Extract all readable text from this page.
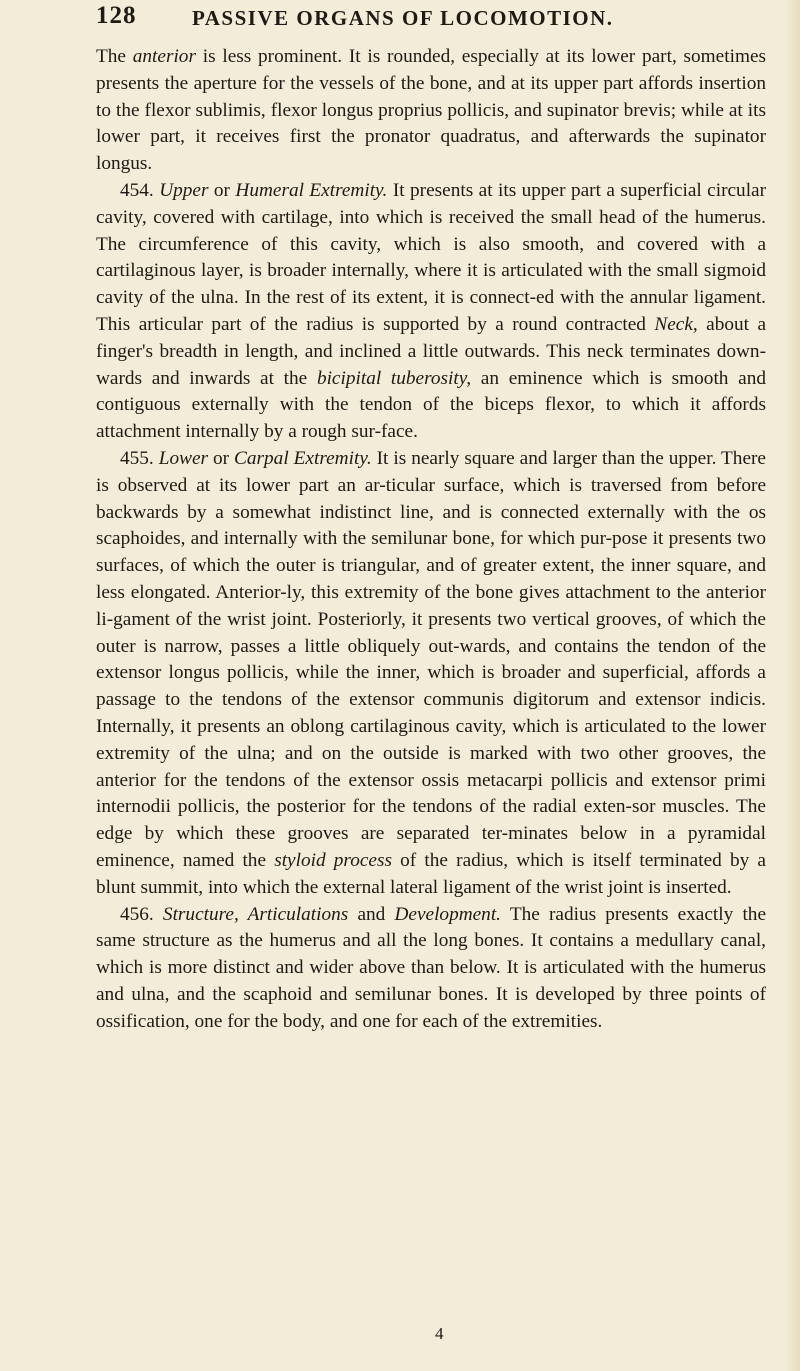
128	PASSIVE ORGANS OF LOCOMOTION.

The anterior is less prominent. It is rounded, especially at its lower part, sometimes presents the aperture for the vessels of the bone, and at its upper part affords insertion to the flexor sublimis, flexor longus proprius pollicis, and supinator brevis; while at its lower part, it receives first the pronator quadratus, and afterwards the supinator longus.

454. Upper or Humeral Extremity. It presents at its upper part a superficial circular cavity, covered with cartilage, into which is received the small head of the humerus. The circumference of this cavity, which is also smooth, and covered with a cartilaginous layer, is broader internally, where it is articulated with the small sigmoid cavity of the ulna. In the rest of its extent, it is connect-ed with the annular ligament. This articular part of the radius is supported by a round contracted Neck, about a finger's breadth in length, and inclined a little outwards. This neck terminates down-wards and inwards at the bicipital tuberosity, an eminence which is smooth and contiguous externally with the tendon of the biceps flexor, to which it affords attachment internally by a rough sur-face.

455. Lower or Carpal Extremity. It is nearly square and larger than the upper. There is observed at its lower part an ar-ticular surface, which is traversed from before backwards by a somewhat indistinct line, and is connected externally with the os scaphoides, and internally with the semilunar bone, for which pur-pose it presents two surfaces, of which the outer is triangular, and of greater extent, the inner square, and less elongated. Anterior-ly, this extremity of the bone gives attachment to the anterior li-gament of the wrist joint. Posteriorly, it presents two vertical grooves, of which the outer is narrow, passes a little obliquely out-wards, and contains the tendon of the extensor longus pollicis, while the inner, which is broader and superficial, affords a passage to the tendons of the extensor communis digitorum and extensor indicis. Internally, it presents an oblong cartilaginous cavity, which is articulated to the lower extremity of the ulna; and on the outside is marked with two other grooves, the anterior for the tendons of the extensor ossis metacarpi pollicis and extensor primi internodii pollicis, the posterior for the tendons of the radial exten-sor muscles. The edge by which these grooves are separated ter-minates below in a pyramidal eminence, named the styloid process of the radius, which is itself terminated by a blunt summit, into which the external lateral ligament of the wrist joint is inserted.

456. Structure, Articulations and Development. The radius presents exactly the same structure as the humerus and all the long bones. It contains a medullary canal, which is more distinct and wider above than below. It is articulated with the humerus and ulna, and the scaphoid and semilunar bones. It is developed by three points of ossification, one for the body, and one for each of the extremities.

4
